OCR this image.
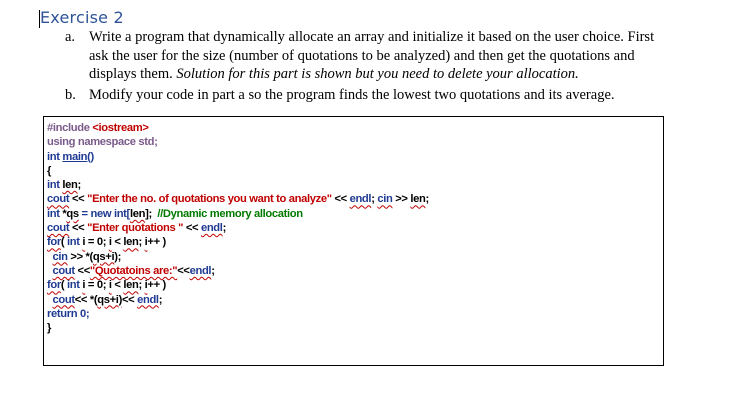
Exercise 2
a. Write a program that dynamically allocate an array and initialize it based on the user choice. First ask the user for the size (number of quotations to be analyzed) and then get the quotations and displays them. Solution for this part is shown but you need to delete your allocation.
b. Modify your code in part a so the program finds the lowest two quotations and its average.
#include <iostream>
using namespace std;
int main()
{
int len;
cout << "Enter the no. of quotations you want to analyze" << endl; cin >> len;
int *qs = new int[len];  //Dynamic memory allocation
cout << "Enter quotations " << endl;
for( int i = 0; i < len; i++ )
cin >> *(qs+i);
cout <<"Quotatoins are:"<<endl;
for( int i = 0; i < len; i++ )
cout<< *(qs+i)<< endl;
return 0;
}
